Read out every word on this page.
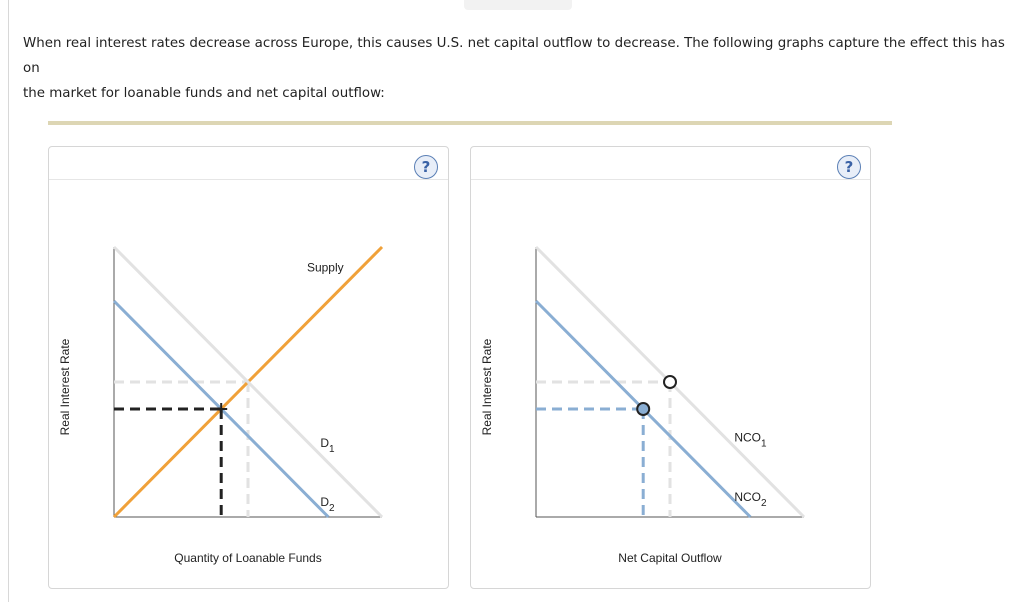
When real interest rates decrease across Europe, this causes U.S. net capital outflow to decrease. The following graphs capture the effect this has on
the market for loanable funds and net capital outflow:
?
Supply
$D_1$
$D_2$
Quantity of Loanable Funds
Real Interest Rate
?
$NCO_1$
$NCO_2$
Net Capital Outflow
Real Interest Rate
